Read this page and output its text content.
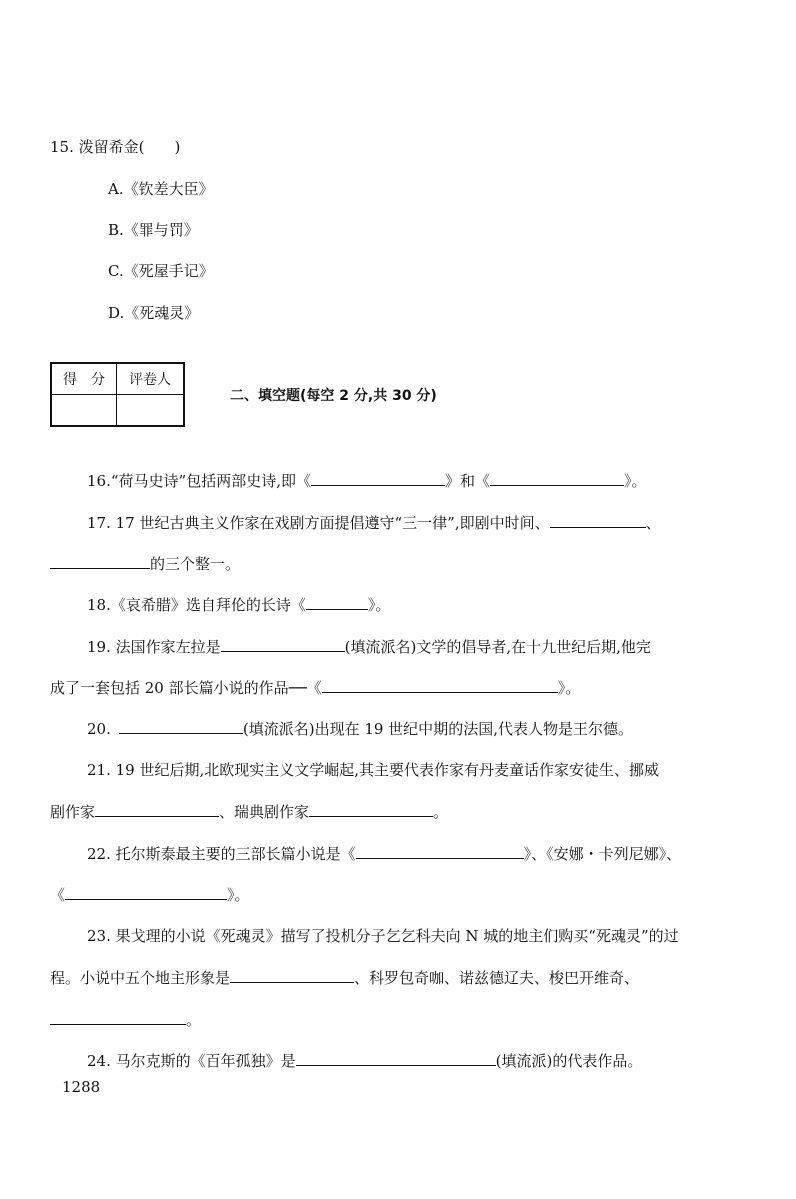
15. 泼留希金(　　)
A.《钦差大臣》
B.《罪与罚》
C.《死屋手记》
D.《死魂灵》
得　分	评卷人

二、填空题(每空 2 分,共 30 分)
16.“荷马史诗”包括两部史诗,即《	》和《	》。
17. 17 世纪古典主义作家在戏剧方面提倡遵守“三一律”,即剧中时间、	、
的三个整一。
18.《哀希腊》选自拜伦的长诗《	》。
19. 法国作家左拉是	(填流派名)文学的倡导者,在十九世纪后期,他完
成了一套包括 20 部长篇小说的作品──《	》。
20.	(填流派名)出现在 19 世纪中期的法国,代表人物是王尔德。
21. 19 世纪后期,北欧现实主义文学崛起,其主要代表作家有丹麦童话作家安徒生、挪威
剧作家	、瑞典剧作家	。
22. 托尔斯泰最主要的三部长篇小说是《	》、《安娜・卡列尼娜》、
《	》。
23. 果戈理的小说《死魂灵》描写了投机分子乞乞科夫向 N 城的地主们购买“死魂灵”的过
程。小说中五个地主形象是	、科罗包奇咖、诺兹德辽夫、梭巴开维奇、
。
24. 马尔克斯的《百年孤独》是	(填流派)的代表作品。
1288
